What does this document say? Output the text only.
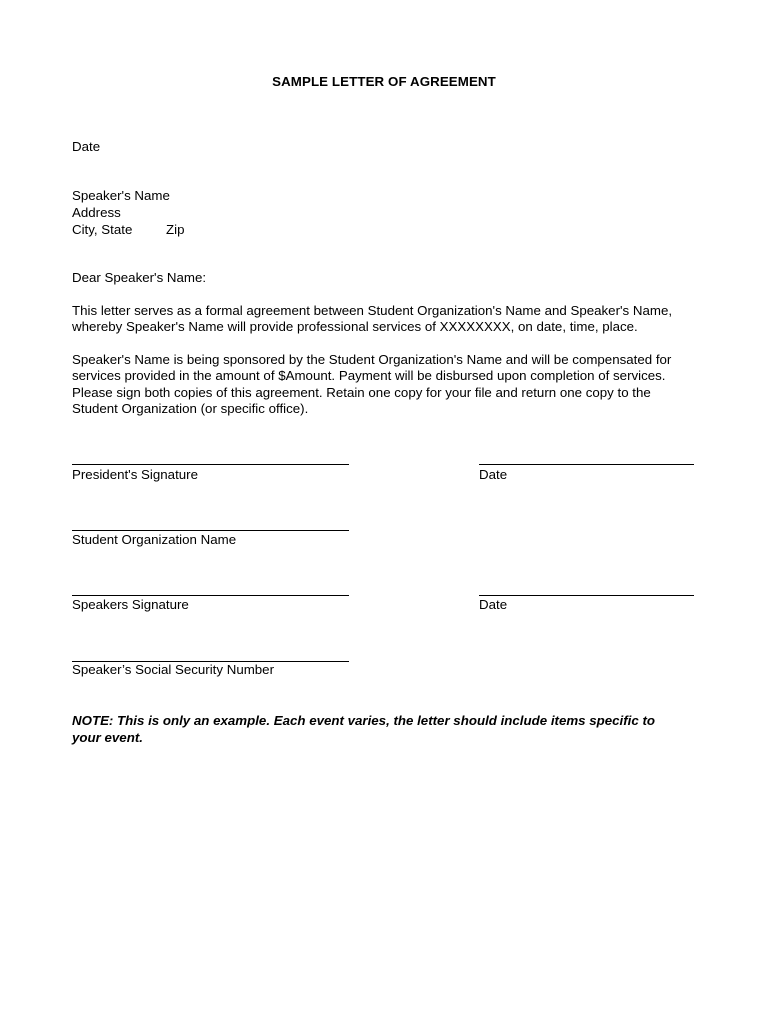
SAMPLE LETTER OF AGREEMENT
Date
Speaker's Name
Address
City, State	Zip
Dear Speaker's Name:
This letter serves as a formal agreement between Student Organization's Name and Speaker's Name,
whereby Speaker's Name will provide professional services of XXXXXXXX, on date, time, place.
Speaker's Name is being sponsored by the Student Organization's Name and will be compensated for
services provided in the amount of $Amount. Payment will be disbursed upon completion of services.
Please sign both copies of this agreement. Retain one copy for your file and return one copy to the
Student Organization (or specific office).
President's Signature	Date
Student Organization Name
Speakers Signature	Date
Speaker’s Social Security Number
NOTE: This is only an example. Each event varies, the letter should include items specific to
your event.
